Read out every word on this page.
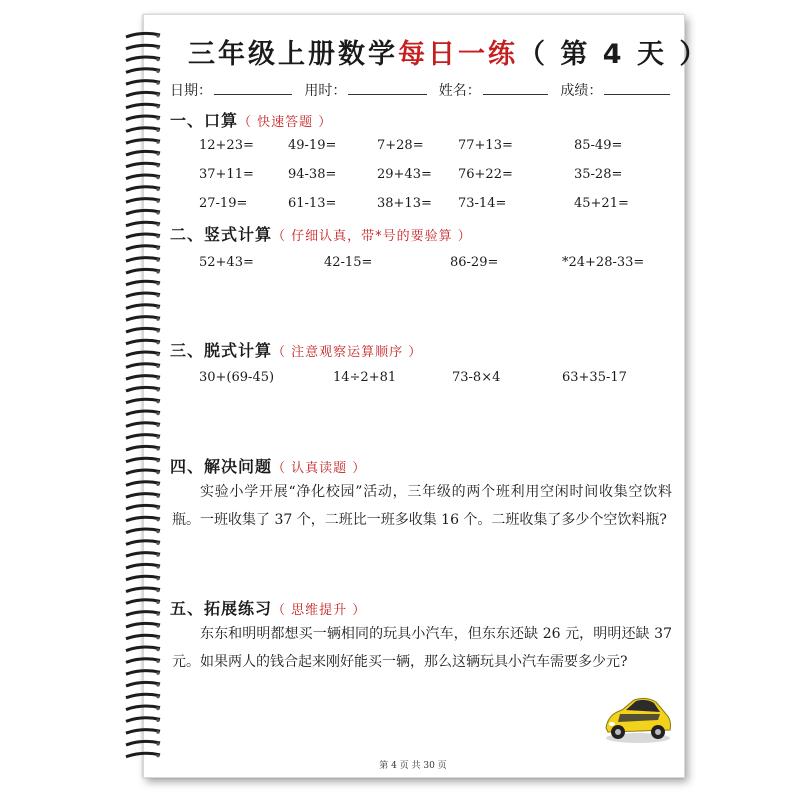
三年级上册数学每日一练（ 第 4 天 ）
日期：	用时：	姓名：	成绩：
一、口算（ 快速答题 ）
12+23=	49-19=	7+28=	77+13=	85-49=
37+11=	94-38=	29+43= 76+22=	35-28=
27-19=	61-13=	38+13= 73-14=	45+21=
二、竖式计算（ 仔细认真，带*号的要验算 ）
52+43=	42-15=	86-29=	*24+28-33=
三、脱式计算（ 注意观察运算顺序 ）
30+(69-45)	14÷2+81	73-8×4	63+35-17
四、解决问题（ 认真读题 ）
实验小学开展“净化校园”活动，三年级的两个班利用空闲时间收集空饮料瓶。一班收集了 37 个，二班比一班多收集 16 个。二班收集了多少个空饮料瓶?
五、拓展练习（ 思维提升 ）
东东和明明都想买一辆相同的玩具小汽车，但东东还缺 26 元，明明还缺 37 元。如果两人的钱合起来刚好能买一辆，那么这辆玩具小汽车需要多少元?
第 4 页 共 30 页
